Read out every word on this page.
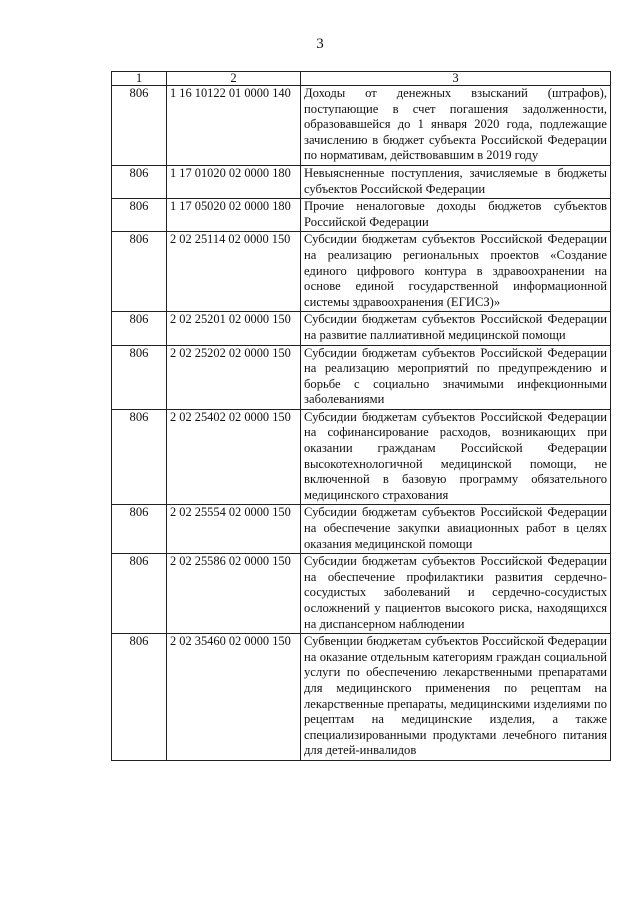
3
1	2	3
806	1 16 10122 01 0000 140	Доходы от денежных взысканий (штрафов), поступающие в счет погашения задолженности, образовавшейся до 1 января 2020 года, подлежащие зачислению в бюджет субъекта Российской Федерации по нормативам, действовавшим в 2019 году
806	1 17 01020 02 0000 180	Невыясненные поступления, зачисляемые в бюджеты субъектов Российской Федерации
806	1 17 05020 02 0000 180	Прочие неналоговые доходы бюджетов субъектов Российской Федерации
806	2 02 25114 02 0000 150	Субсидии бюджетам субъектов Российской Федерации на реализацию региональных проектов «Создание единого цифрового контура в здравоохранении на основе единой государственной информационной системы здравоохранения (ЕГИСЗ)»
806	2 02 25201 02 0000 150	Субсидии бюджетам субъектов Российской Федерации на развитие паллиативной медицинской помощи
806	2 02 25202 02 0000 150	Субсидии бюджетам субъектов Российской Федерации на реализацию мероприятий по предупреждению и борьбе с социально значимыми инфекционными заболеваниями
806	2 02 25402 02 0000 150	Субсидии бюджетам субъектов Российской Федерации на софинансирование расходов, возникающих при оказании гражданам Российской Федерации высокотехнологичной медицинской помощи, не включенной в базовую программу обязательного медицинского страхования
806	2 02 25554 02 0000 150	Субсидии бюджетам субъектов Российской Федерации на обеспечение закупки авиационных работ в целях оказания медицинской помощи
806	2 02 25586 02 0000 150	Субсидии бюджетам субъектов Российской Федерации на обеспечение профилактики развития сердечно-сосудистых заболеваний и сердечно-сосудистых осложнений у пациентов высокого риска, находящихся на диспансерном наблюдении
806	2 02 35460 02 0000 150	Субвенции бюджетам субъектов Российской Федерации на оказание отдельным категориям граждан социальной услуги по обеспечению лекарственными препаратами для медицинского применения по рецептам на лекарственные препараты, медицинскими изделиями по рецептам на медицинские изделия, а также специализированными продуктами лечебного питания для детей-инвалидов
